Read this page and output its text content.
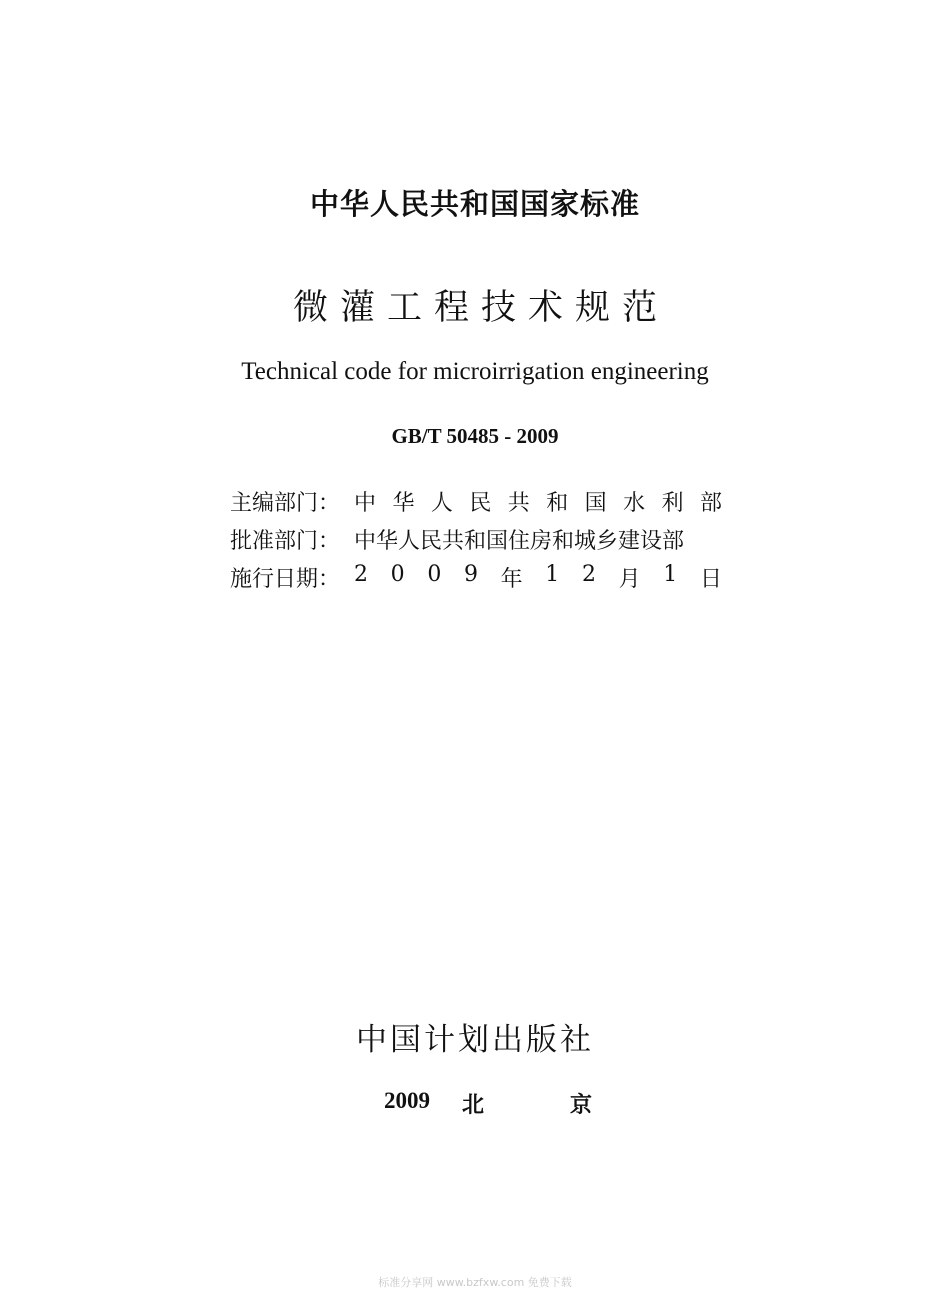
中华人民共和国国家标准
微灌工程技术规范
Technical code for microirrigation engineering
GB/T 50485 - 2009
主编部门： 中 华 人 民 共 和 国 水 利 部
批准部门： 中华人民共和国住房和城乡建设部
施行日期： 2 0 0 9 年 1 2 月 1 日
中国计划出版社
2009	北	京
标准分享网 www.bzfxw.com 免费下载
